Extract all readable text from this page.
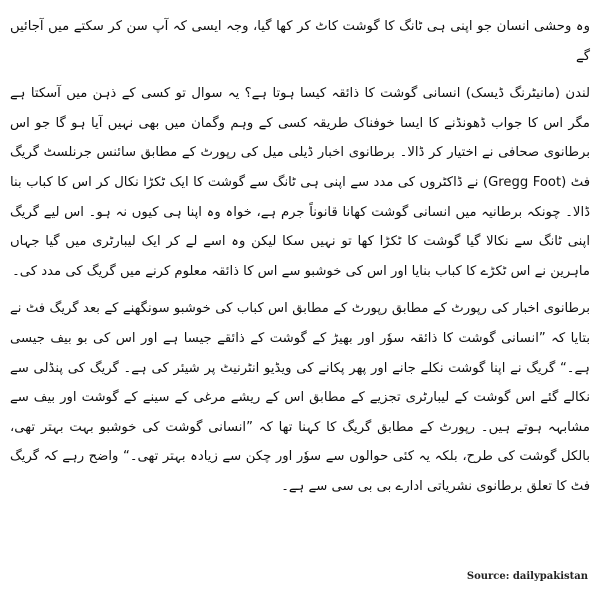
وہ وحشی انسان جو اپنی ہی ٹانگ کا گوشت کاٹ کر کھا گیا، وجہ ایسی کہ آپ سن کر سکتے میں آجائیں گے

لندن (مانیٹرنگ ڈیسک) انسانی گوشت کا ذائقہ کیسا ہوتا ہے؟ یہ سوال تو کسی کے ذہن میں آسکتا ہے مگر اس کا جواب ڈھونڈنے کا ایسا خوفناک طریقہ کسی کے وہم وگمان میں بھی نہیں آیا ہو گا جو اس برطانوی صحافی نے اختیار کر ڈالا۔ برطانوی اخبار ڈیلی میل کی رپورٹ کے مطابق سائنس جرنلسٹ گریگ فٹ (Gregg Foot) نے ڈاکٹروں کی مدد سے اپنی ہی ٹانگ سے گوشت کا ایک ٹکڑا نکال کر اس کا کباب بنا ڈالا۔ چونکہ برطانیہ میں انسانی گوشت کھانا قانوناً جرم ہے، خواہ وہ اپنا ہی کیوں نہ ہو۔ اس لیے گریگ اپنی ٹانگ سے نکالا گیا گوشت کا ٹکڑا کھا تو نہیں سکا لیکن وہ اسے لے کر ایک لیبارٹری میں گیا جہاں ماہرین نے اس ٹکڑے کا کباب بنایا اور اس کی خوشبو سے اس کا ذائقہ معلوم کرنے میں گریگ کی مدد کی۔

برطانوی اخبار کی رپورٹ کے مطابق رپورٹ کے مطابق اس کباب کی خوشبو سونگھنے کے بعد گریگ فٹ نے بتایا کہ ”انسانی گوشت کا ذائقہ سوٗر اور بھیڑ کے گوشت کے ذائقے جیسا ہے اور اس کی بو بیف جیسی ہے۔“ گریگ نے اپنا گوشت نکلے جانے اور پھر پکانے کی ویڈیو انٹرنیٹ پر شیئر کی ہے۔ گریگ کی پنڈلی سے نکالے گئے اس گوشت کے لیبارٹری تجزیے کے مطابق اس کے ریشے مرغی کے سینے کے گوشت اور بیف سے مشابہہ ہوتے ہیں۔ رپورٹ کے مطابق گریگ کا کہنا تھا کہ ”انسانی گوشت کی خوشبو بہت بہتر تھی، بالکل گوشت کی طرح، بلکہ یہ کئی حوالوں سے سوٗر اور چکن سے زیادہ بہتر تھی۔“ واضح رہے کہ گریگ فٹ کا تعلق برطانوی نشریاتی ادارے بی بی سی سے ہے۔

Source: dailypakistan
